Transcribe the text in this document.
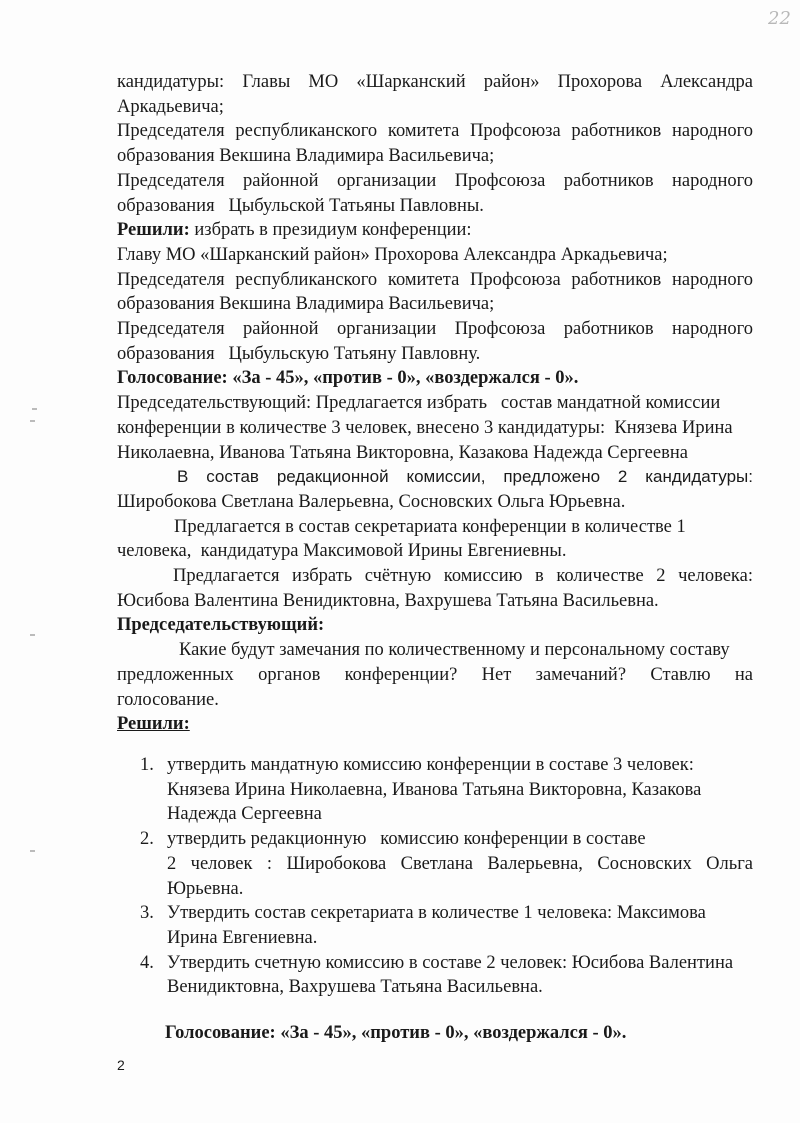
22
кандидатуры: Главы МО «Шарканский район» Прохорова Александра
Аркадьевича;
Председателя республиканского комитета Профсоюза работников народного
образования Векшина Владимира Васильевича;
Председателя районной организации Профсоюза работников народного
образования   Цыбульской Татьяны Павловны.
Решили: избрать в президиум конференции:
Главу МО «Шарканский район» Прохорова Александра Аркадьевича;
Председателя республиканского комитета Профсоюза работников народного
образования Векшина Владимира Васильевича;
Председателя районной организации Профсоюза работников народного
образования   Цыбульскую Татьяну Павловну.
Голосование: «За - 45», «против - 0», «воздержался - 0».
Председательствующий: Предлагается избрать   состав мандатной комиссии
конференции в количестве 3 человек, внесено 3 кандидатуры:  Князева Ирина
Николаевна, Иванова Татьяна Викторовна, Казакова Надежда Сергеевна
В состав редакционной комиссии, предложено 2 кандидатуры:
Широбокова Светлана Валерьевна, Сосновских Ольга Юрьевна.
Предлагается в состав секретариата конференции в количестве 1
человека,  кандидатура Максимовой Ирины Евгениевны.
Предлагается избрать счётную комиссию в количестве 2 человека:
Юсибова Валентина Венидиктовна, Вахрушева Татьяна Васильевна.
Председательствующий:
Какие будут замечания по количественному и персональному составу
предложенных органов конференции? Нет замечаний? Ставлю на
голосование.
Решили:
1. утвердить мандатную комиссию конференции в составе 3 человек:
Князева Ирина Николаевна, Иванова Татьяна Викторовна, Казакова
Надежда Сергеевна
2. утвердить редакционную   комиссию конференции в составе
2 человек : Широбокова Светлана Валерьевна, Сосновских Ольга
Юрьевна.
3. Утвердить состав секретариата в количестве 1 человека: Максимова
Ирина Евгениевна.
4. Утвердить счетную комиссию в составе 2 человек: Юсибова Валентина
Венидиктовна, Вахрушева Татьяна Васильевна.
Голосование: «За - 45», «против - 0», «воздержался - 0».
2
